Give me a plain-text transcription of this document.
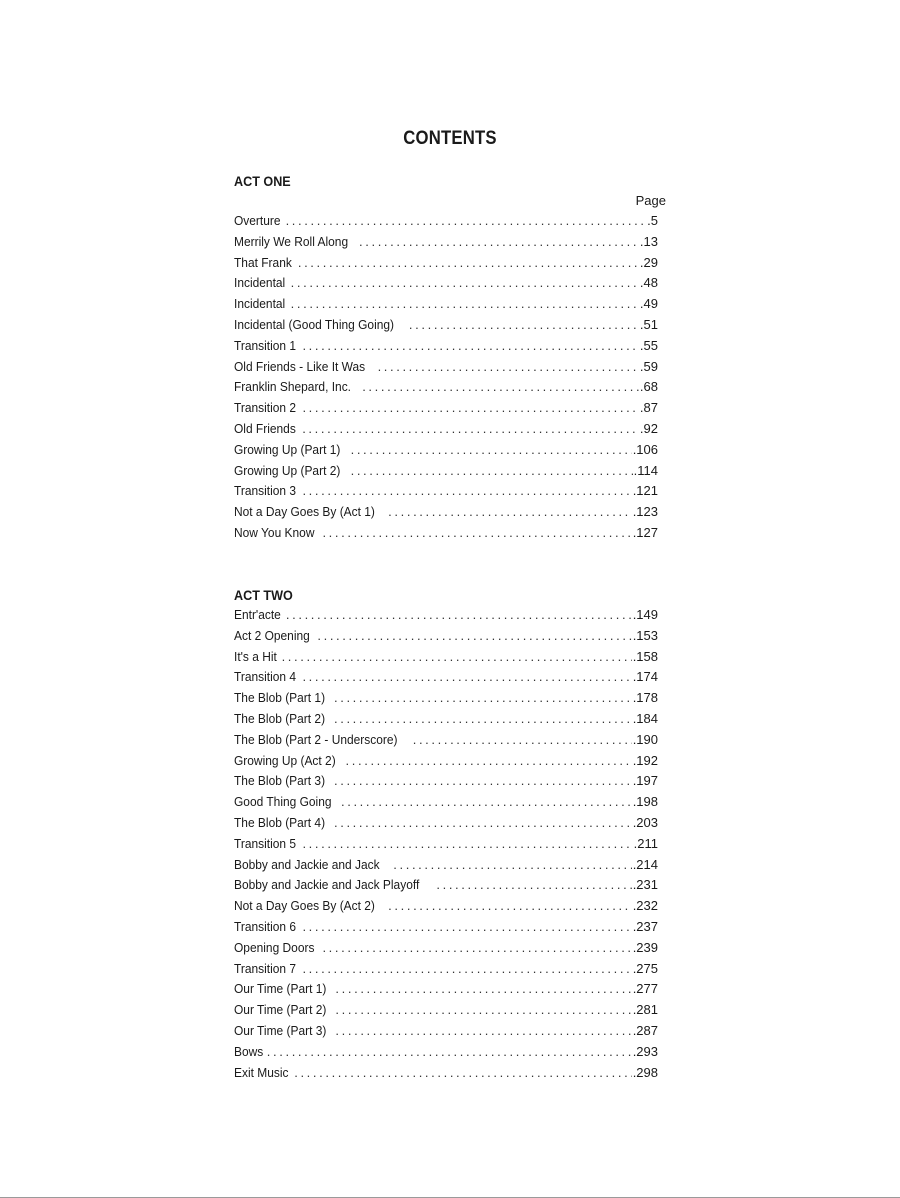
CONTENTS
ACT ONE
Page
Overture . . .	.5
Merrily We Roll Along . . .	.13
That Frank . . .	.29
Incidental . . .	.48
Incidental . . .	.49
Incidental (Good Thing Going) . . .	.51
Transition 1 . . .	.55
Old Friends - Like It Was . . .	.59
Franklin Shepard, Inc. . . .	.68
Transition 2 . . .	.87
Old Friends . . .	.92
Growing Up (Part 1) . . .	.106
Growing Up (Part 2) . . .	.114
Transition 3 . . .	.121
Not a Day Goes By (Act 1) . . .	.123
Now You Know . . .	.127
ACT TWO
Entr'acte . . .	.149
Act 2 Opening . . .	.153
It's a Hit . . .	.158
Transition 4 . . .	.174
The Blob (Part 1) . . .	.178
The Blob (Part 2) . . .	.184
The Blob (Part 2 - Underscore) . . .	.190
Growing Up (Act 2) . . .	.192
The Blob (Part 3) . . .	.197
Good Thing Going . . .	.198
The Blob (Part 4) . . .	.203
Transition 5 . . .	.211
Bobby and Jackie and Jack . . .	.214
Bobby and Jackie and Jack Playoff . . .	.231
Not a Day Goes By (Act 2) . . .	.232
Transition 6 . . .	.237
Opening Doors . . .	.239
Transition 7 . . .	.275
Our Time (Part 1) . . .	.277
Our Time (Part 2) . . .	.281
Our Time (Part 3) . . .	.287
Bows . . .	.293
Exit Music . . .	.298
